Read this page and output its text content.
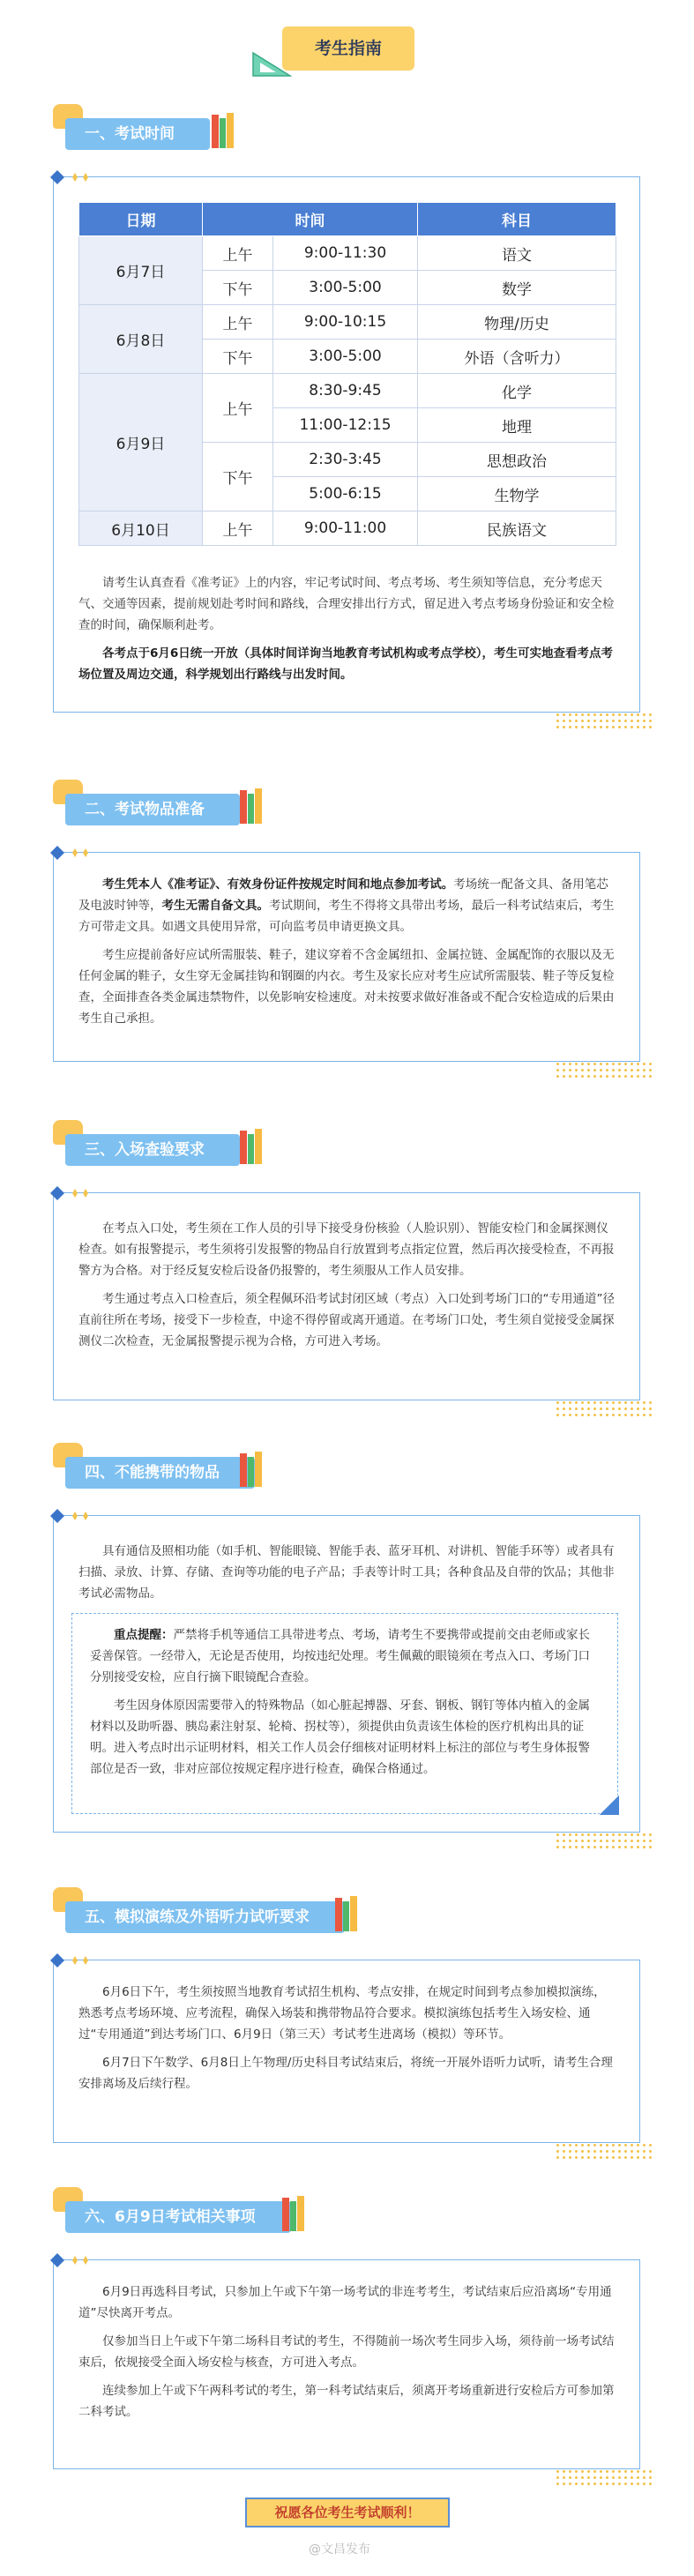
考生指南
一、考试时间
日期	时间		科目
6月7日	上午	9:00-11:30	语文
	下午	3:00-5:00	数学
6月8日	上午	9:00-10:15	物理/历史
	下午	3:00-5:00	外语（含听力）
6月9日	上午	8:30-9:45	化学
		11:00-12:15	地理
	下午	2:30-3:45	思想政治
		5:00-6:15	生物学
6月10日	上午	9:00-11:00	民族语文

请考生认真查看《准考证》上的内容，牢记考试时间、考点考场、考生须知等信息，充分考虑天气、交通等因素，提前规划赴考时间和路线，合理安排出行方式，留足进入考点考场身份验证和安全检查的时间，确保顺利赴考。

各考点于6月6日统一开放（具体时间详询当地教育考试机构或考点学校），考生可实地查看考点考场位置及周边交通，科学规划出行路线与出发时间。

二、考试物品准备

考生凭本人《准考证》、有效身份证件按规定时间和地点参加考试。考场统一配备文具、备用笔芯及电波时钟等，考生无需自备文具。考试期间，考生不得将文具带出考场，最后一科考试结束后，考生方可带走文具。如遇文具使用异常，可向监考员申请更换文具。

考生应提前备好应试所需服装、鞋子，建议穿着不含金属纽扣、金属拉链、金属配饰的衣服以及无任何金属的鞋子，女生穿无金属挂钩和钢圈的内衣。考生及家长应对考生应试所需服装、鞋子等反复检查，全面排查各类金属违禁物件，以免影响安检速度。对未按要求做好准备或不配合安检造成的后果由考生自己承担。

三、入场查验要求

在考点入口处，考生须在工作人员的引导下接受身份核验（人脸识别）、智能安检门和金属探测仪检查。如有报警提示，考生须将引发报警的物品自行放置到考点指定位置，然后再次接受检查，不再报警方为合格。对于经反复安检后设备仍报警的，考生须服从工作人员安排。

考生通过考点入口检查后，须全程佩环沿考试封闭区域（考点）入口处到考场门口的“专用通道”径直前往所在考场，接受下一步检查，中途不得停留或离开通道。在考场门口处，考生须自觉接受金属探测仪二次检查，无金属报警提示视为合格，方可进入考场。

四、不能携带的物品

具有通信及照相功能（如手机、智能眼镜、智能手表、蓝牙耳机、对讲机、智能手环等）或者具有扫描、录放、计算、存储、查询等功能的电子产品；手表等计时工具；各种食品及自带的饮品；其他非考试必需物品。

重点提醒：严禁将手机等通信工具带进考点、考场，请考生不要携带或提前交由老师或家长妥善保管。一经带入，无论是否使用，均按违纪处理。考生佩戴的眼镜须在考点入口、考场门口分别接受安检，应自行摘下眼镜配合查验。

考生因身体原因需要带入的特殊物品（如心脏起搏器、牙套、钢板、钢钉等体内植入的金属材料以及助听器、胰岛素注射泵、轮椅、拐杖等），须提供由负责该生体检的医疗机构出具的证明。进入考点时出示证明材料，相关工作人员会仔细核对证明材料上标注的部位与考生身体报警部位是否一致，非对应部位按规定程序进行检查，确保合格通过。

五、模拟演练及外语听力试听要求

6月6日下午，考生须按照当地教育考试招生机构、考点安排，在规定时间到考点参加模拟演练，熟悉考点考场环境、应考流程，确保入场装和携带物品符合要求。模拟演练包括考生入场安检、通过“专用通道”到达考场门口、6月9日（第三天）考试考生进离场（模拟）等环节。

6月7日下午数学、6月8日上午物理/历史科目考试结束后，将统一开展外语听力试听，请考生合理安排离场及后续行程。

六、6月9日考试相关事项

6月9日再选科目考试，只参加上午或下午第一场考试的非连考考生，考试结束后应沿离场“专用通道”尽快离开考点。

仅参加当日上午或下午第二场科目考试的考生，不得随前一场次考生同步入场，须待前一场考试结束后，依规接受全面入场安检与核查，方可进入考点。

连续参加上午或下午两科考试的考生，第一科考试结束后，须离开考场重新进行安检后方可参加第二科考试。

祝愿各位考生考试顺利！
@文昌发布
